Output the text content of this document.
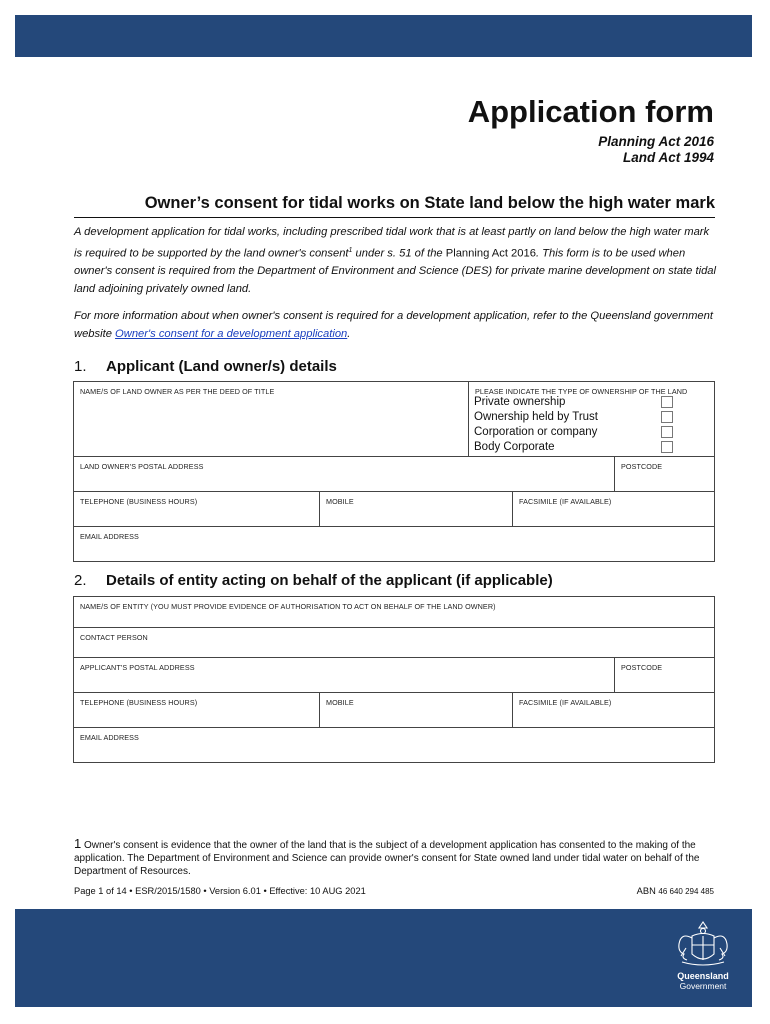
Application form
Planning Act 2016
Land Act 1994
Owner’s consent for tidal works on State land below the high water mark
A development application for tidal works, including prescribed tidal work that is at least partly on land below the high water mark is required to be supported by the land owner's consent$^1$ under s. 51 of the Planning Act 2016. This form is to be used when owner's consent is required from the Department of Environment and Science (DES) for private marine development on state tidal land adjoining privately owned land.
For more information about when owner's consent is required for a development application, refer to the Queensland government website Owner's consent for a development application.
1. Applicant (Land owner/s) details
NAME/S OF LAND OWNER AS PER THE DEED OF TITLE	PLEASE INDICATE THE TYPE OF OWNERSHIP OF THE LAND
Private ownership
Ownership held by Trust
Corporation or company
Body Corporate
LAND OWNER'S POSTAL ADDRESS	POSTCODE
TELEPHONE (BUSINESS HOURS)	MOBILE	FACSIMILE (IF AVAILABLE)
EMAIL ADDRESS
2. Details of entity acting on behalf of the applicant (if applicable)
NAME/S OF ENTITY (YOU MUST PROVIDE EVIDENCE OF AUTHORISATION TO ACT ON BEHALF OF THE LAND OWNER)
CONTACT PERSON
APPLICANT'S POSTAL ADDRESS	POSTCODE
TELEPHONE (BUSINESS HOURS)	MOBILE	FACSIMILE (IF AVAILABLE)
EMAIL ADDRESS
1 Owner's consent is evidence that the owner of the land that is the subject of a development application has consented to the making of the application. The Department of Environment and Science can provide owner's consent for State owned land under tidal water on behalf of the Department of Resources.
Page 1 of 14 • ESR/2015/1580 • Version 6.01 • Effective: 10 AUG 2021	ABN 46 640 294 485
Queensland
Government
